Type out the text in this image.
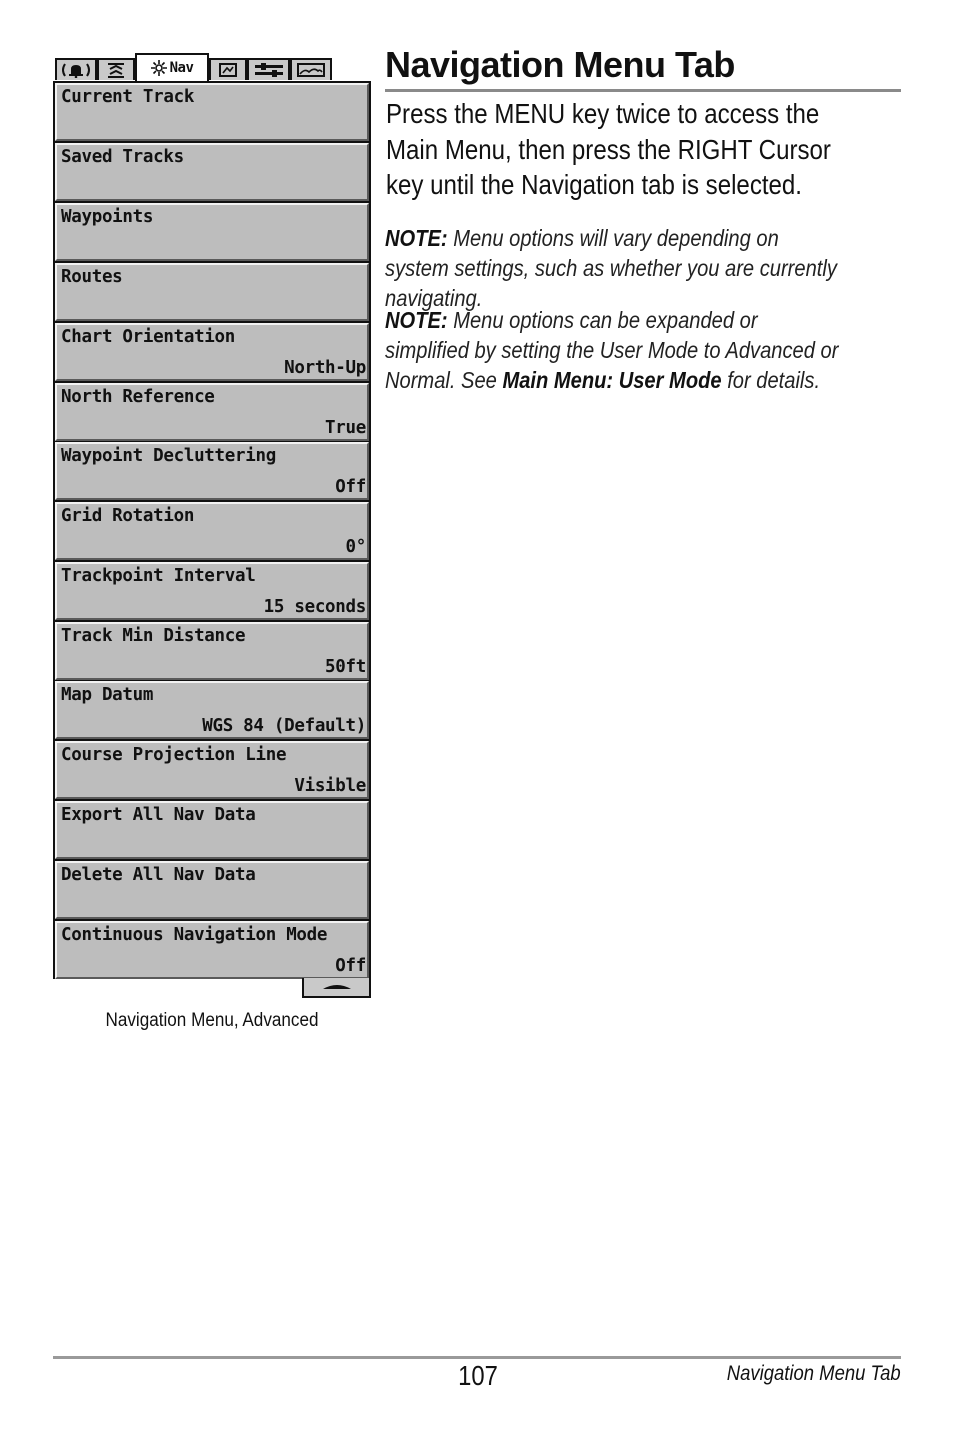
Nav
Current Track
Saved Tracks
Waypoints
Routes
Chart Orientation
North-Up
North Reference
True
Waypoint Decluttering
Off
Grid Rotation
0°
Trackpoint Interval
15 seconds
Track Min Distance
50ft
Map Datum
WGS 84 (Default)
Course Projection Line
Visible
Export All Nav Data
Delete All Nav Data
Continuous Navigation Mode
Off
Navigation Menu, Advanced
Navigation Menu Tab

Press the MENU key twice to access the Main Menu, then press the RIGHT Cursor key until the Navigation tab is selected.

NOTE: Menu options will vary depending on system settings, such as whether you are currently navigating.

NOTE: Menu options can be expanded or simplified by setting the User Mode to Advanced or Normal. See Main Menu: User Mode for details.

107	Navigation Menu Tab
